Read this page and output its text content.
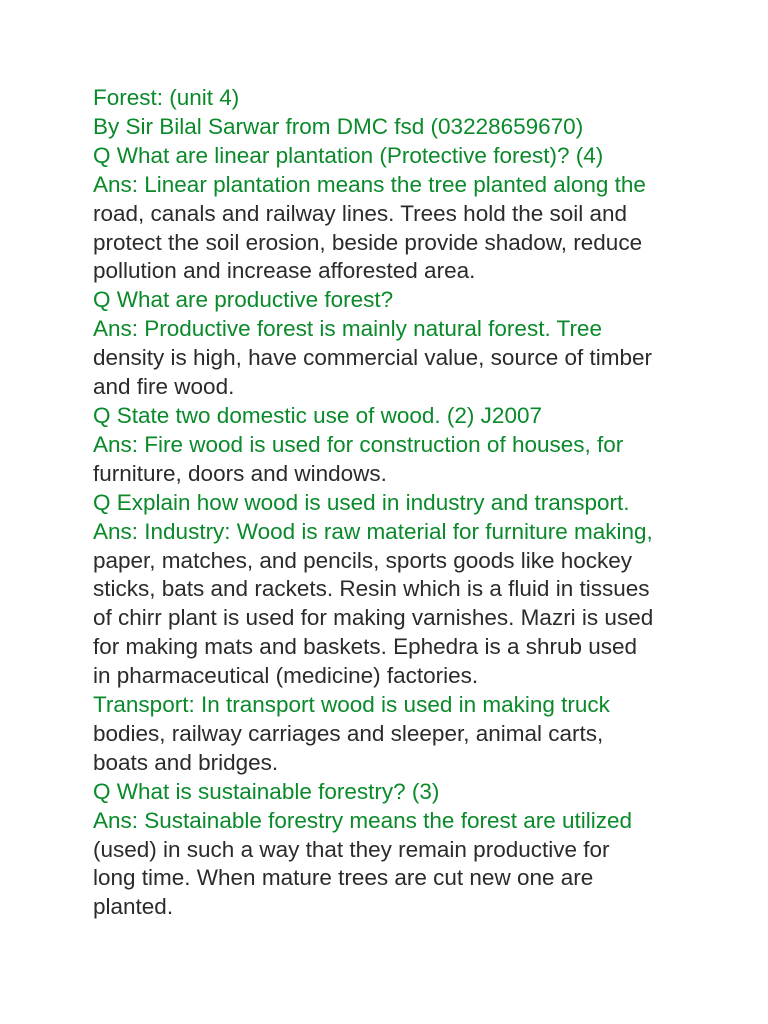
Forest: (unit 4)
By Sir Bilal Sarwar from DMC fsd (03228659670)
Q What are linear plantation (Protective forest)? (4)
Ans: Linear plantation means the tree planted along the
road, canals and railway lines. Trees hold the soil and
protect the soil erosion, beside provide shadow, reduce
pollution and increase afforested area.
Q What are productive forest?
Ans: Productive forest is mainly natural forest. Tree
density is high, have commercial value, source of timber
and fire wood.
Q State two domestic use of wood. (2) J2007
Ans: Fire wood is used for construction of houses, for
furniture, doors and windows.
Q Explain how wood is used in industry and transport.
Ans: Industry: Wood is raw material for furniture making,
paper, matches, and pencils, sports goods like hockey
sticks, bats and rackets. Resin which is a fluid in tissues
of chirr plant is used for making varnishes. Mazri is used
for making mats and baskets. Ephedra is a shrub used
in pharmaceutical (medicine) factories.
Transport: In transport wood is used in making truck
bodies, railway carriages and sleeper, animal carts,
boats and bridges.
Q What is sustainable forestry? (3)
Ans: Sustainable forestry means the forest are utilized
(used) in such a way that they remain productive for
long time. When mature trees are cut new one are
planted.
